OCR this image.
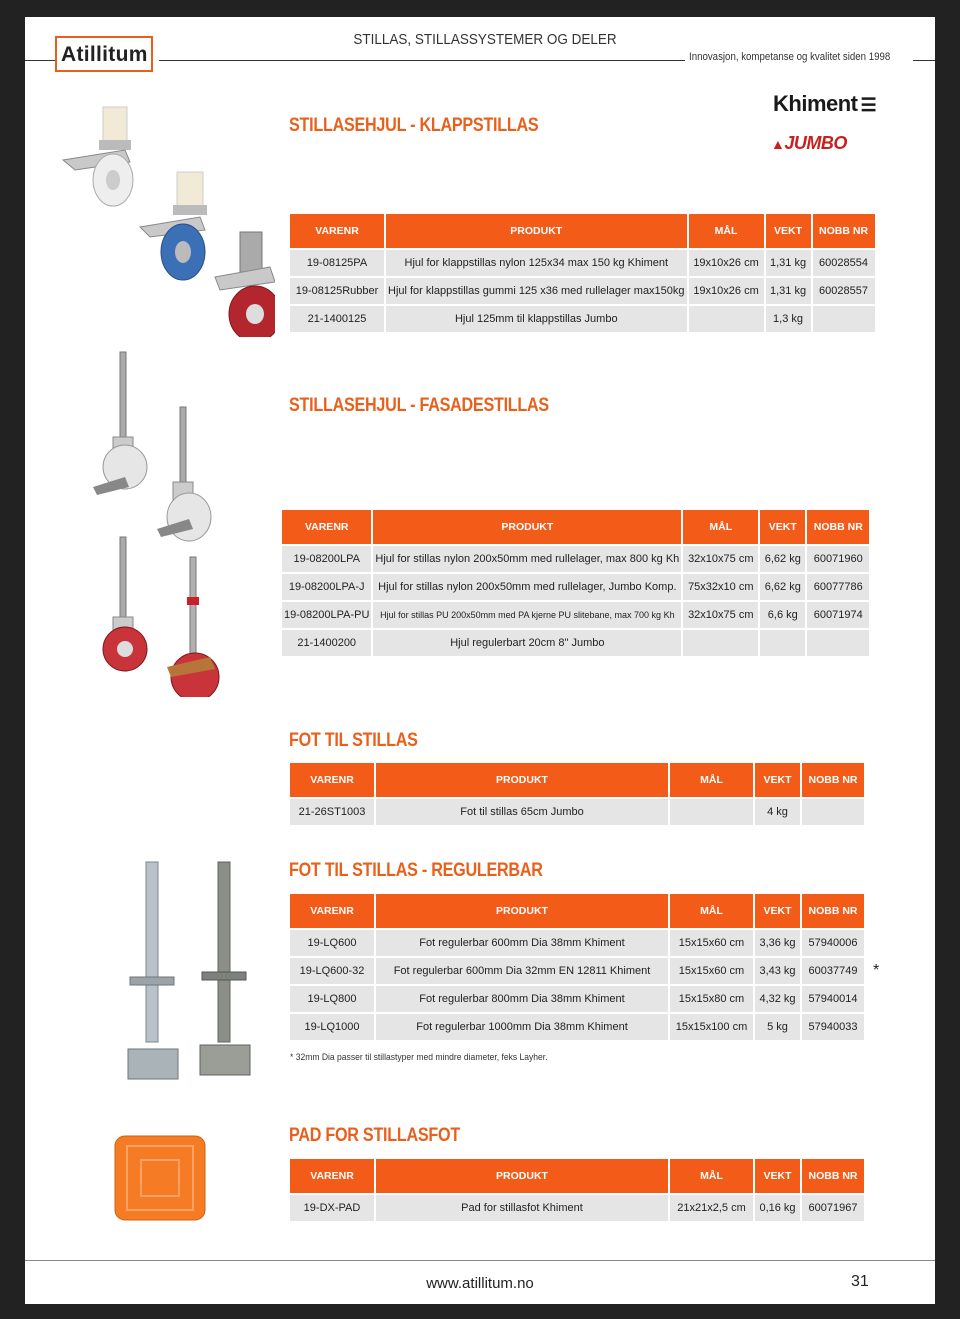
Atillitum
STILLAS, STILLASSYSTEMER OG DELER
Innovasjon, kompetanse og kvalitet siden 1998
Khiment ☰
▲JUMBO
STILLASEHJUL - KLAPPSTILLAS
VARENR	PRODUKT	MÅL	VEKT	NOBB NR
19-08125PA	Hjul for klappstillas nylon 125x34 max 150 kg Khiment	19x10x26 cm	1,31 kg	60028554
19-08125Rubber	Hjul for klappstillas gummi 125 x36 med rullelager max150kg	19x10x26 cm	1,31 kg	60028557
21-1400125	Hjul 125mm til klappstillas Jumbo		1,3 kg	
STILLASEHJUL - FASADESTILLAS
VARENR	PRODUKT	MÅL	VEKT	NOBB NR
19-08200LPA	Hjul for stillas nylon 200x50mm med rullelager, max 800 kg Kh	32x10x75 cm	6,62 kg	60071960
19-08200LPA-J	Hjul for stillas nylon 200x50mm med rullelager, Jumbo Komp.	75x32x10 cm	6,62 kg	60077786
19-08200LPA-PU	Hjul for stillas PU 200x50mm med PA kjerne PU slitebane, max 700 kg Kh	32x10x75 cm	6,6 kg	60071974
21-1400200	Hjul regulerbart 20cm 8" Jumbo			
FOT TIL STILLAS
VARENR	PRODUKT	MÅL	VEKT	NOBB NR
21-26ST1003	Fot til stillas 65cm Jumbo		4 kg	
FOT TIL STILLAS - REGULERBAR
VARENR	PRODUKT	MÅL	VEKT	NOBB NR
19-LQ600	Fot regulerbar 600mm Dia 38mm Khiment	15x15x60 cm	3,36 kg	57940006
19-LQ600-32	Fot regulerbar 600mm Dia 32mm EN 12811 Khiment	15x15x60 cm	3,43 kg	60037749
19-LQ800	Fot regulerbar 800mm Dia 38mm Khiment	15x15x80 cm	4,32 kg	57940014
19-LQ1000	Fot regulerbar 1000mm Dia 38mm Khiment	15x15x100 cm	5 kg	57940033
*
* 32mm Dia passer til stillastyper med mindre diameter, feks Layher.
PAD FOR STILLASFOT
VARENR	PRODUKT	MÅL	VEKT	NOBB NR
19-DX-PAD	Pad for stillasfot Khiment	21x21x2,5 cm	0,16 kg	60071967
www.atillitum.no	31
